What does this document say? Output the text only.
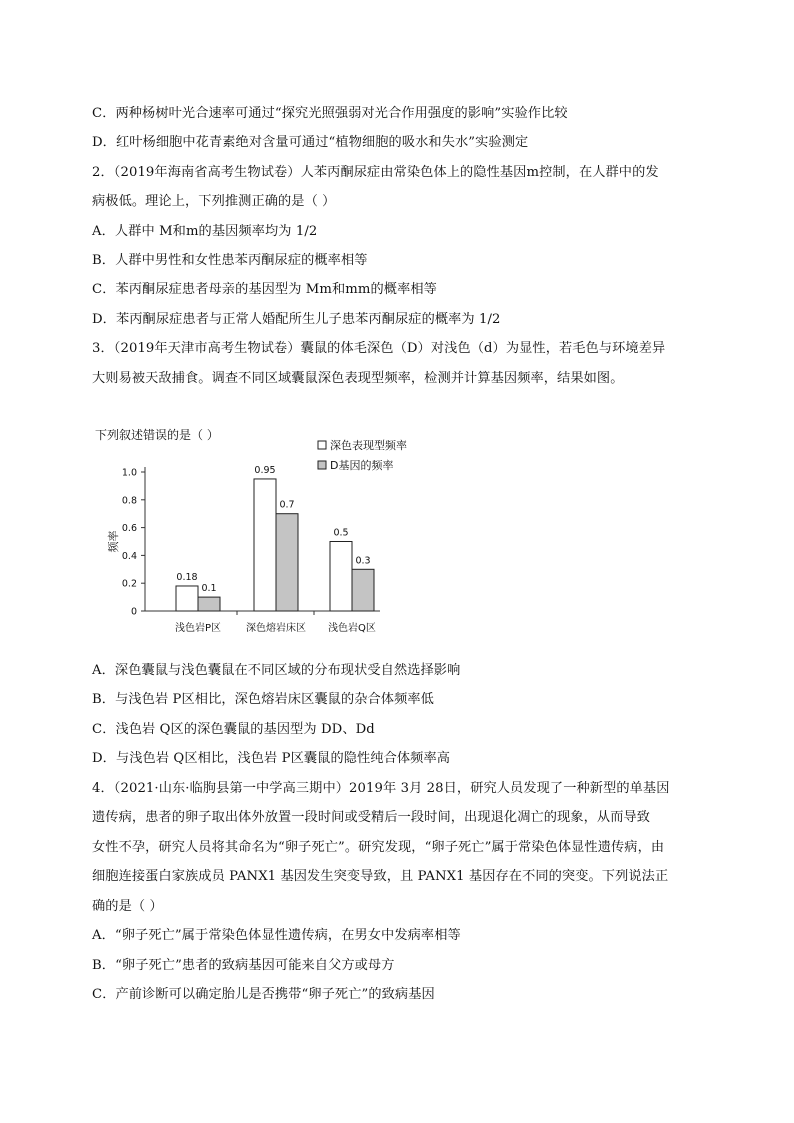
C．两种杨树叶光合速率可通过“探究光照强弱对光合作用强度的影响”实验作比较
D．红叶杨细胞中花青素绝对含量可通过“植物细胞的吸水和失水”实验测定
2．（2019年海南省高考生物试卷）人苯丙酮尿症由常染色体上的隐性基因m控制，在人群中的发
病极低。理论上，下列推测正确的是（ ）
A．人群中 M和m的基因频率均为 1/2
B．人群中男性和女性患苯丙酮尿症的概率相等
C．苯丙酮尿症患者母亲的基因型为 Mm和mm的概率相等
D．苯丙酮尿症患者与正常人婚配所生儿子患苯丙酮尿症的概率为 1/2
3．（2019年天津市高考生物试卷）囊鼠的体毛深色（D）对浅色（d）为显性，若毛色与环境差异
大则易被天敌捕食。调查不同区域囊鼠深色表现型频率，检测并计算基因频率，结果如图。
下列叙述错误的是（ ）
0
0.2
0.4
0.6
0.8
1.0
频率
0.18
0.1
浅色岩P区
0.95
0.7
深色熔岩床区
0.5
0.3
浅色岩Q区
深色表现型频率
D基因的频率
A．深色囊鼠与浅色囊鼠在不同区域的分布现状受自然选择影响
B．与浅色岩 P区相比，深色熔岩床区囊鼠的杂合体频率低
C．浅色岩 Q区的深色囊鼠的基因型为 DD、Dd
D．与浅色岩 Q区相比，浅色岩 P区囊鼠的隐性纯合体频率高
4．（2021·山东·临朐县第一中学高三期中）2019年 3月 28日，研究人员发现了一种新型的单基因
遗传病，患者的卵子取出体外放置一段时间或受精后一段时间，出现退化凋亡的现象，从而导致
女性不孕，研究人员将其命名为“卵子死亡”。研究发现，“卵子死亡”属于常染色体显性遗传病，由
细胞连接蛋白家族成员 PANX1 基因发生突变导致，且 PANX1 基因存在不同的突变。下列说法正
确的是（ ）
A．“卵子死亡”属于常染色体显性遗传病，在男女中发病率相等
B．“卵子死亡”患者的致病基因可能来自父方或母方
C．产前诊断可以确定胎儿是否携带“卵子死亡”的致病基因
